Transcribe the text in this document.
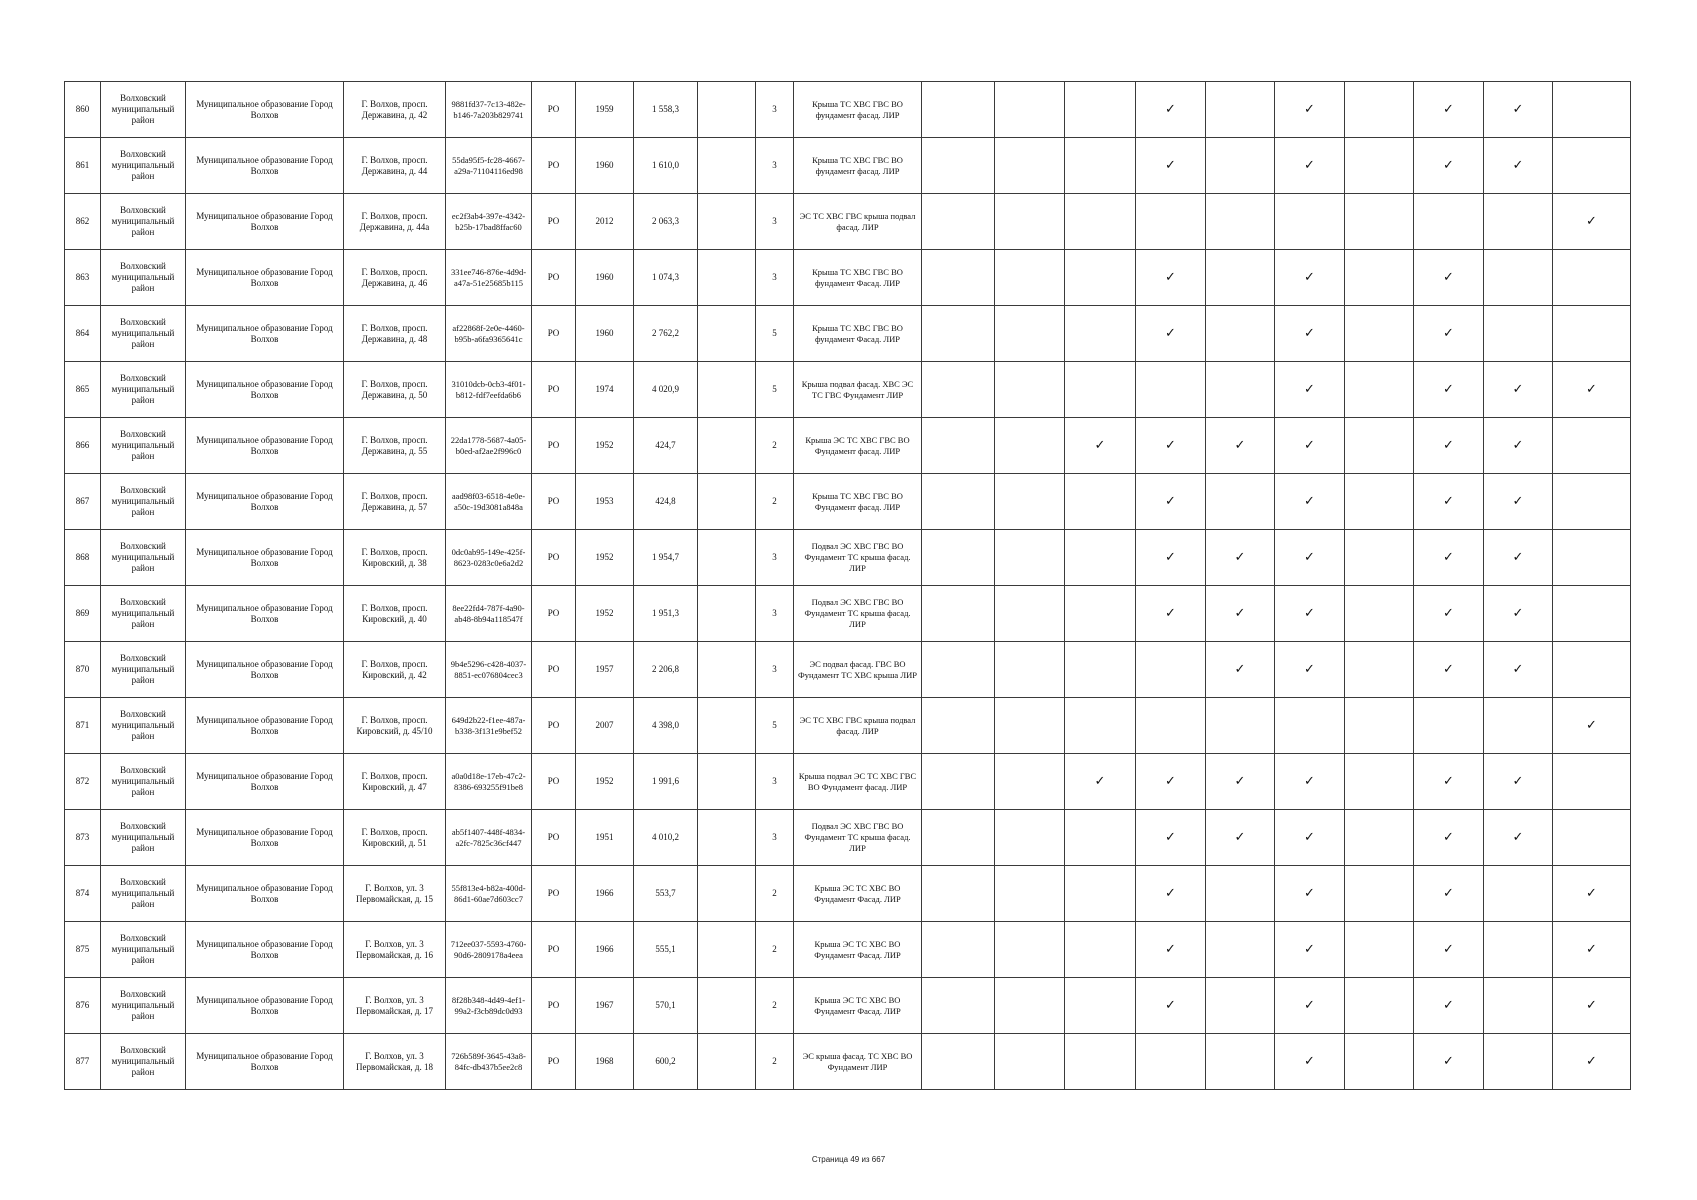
860	Волховский муниципальный район	Муниципальное образование Город Волхов	Г. Волхов, просп. Державина, д. 42	9881fd37-7c13-482e-b146-7a203b829741	РО	1959	1 558,3		3	Крыша ТС ХВС ГВС ВО фундамент фасад. ЛИР				✓		✓		✓	✓	
861	Волховский муниципальный район	Муниципальное образование Город Волхов	Г. Волхов, просп. Державина, д. 44	55da95f5-fc28-4667-a29a-71104116ed98	РО	1960	1 610,0		3	Крыша ТС ХВС ГВС ВО фундамент фасад. ЛИР				✓		✓		✓	✓	
862	Волховский муниципальный район	Муниципальное образование Город Волхов	Г. Волхов, просп. Державина, д. 44а	ec2f3ab4-397e-4342-b25b-17bad8ffac60	РО	2012	2 063,3		3	ЭС ТС ХВС ГВС крыша подвал фасад. ЛИР										✓
863	Волховский муниципальный район	Муниципальное образование Город Волхов	Г. Волхов, просп. Державина, д. 46	331ee746-876e-4d9d-a47a-51e25685b115	РО	1960	1 074,3		3	Крыша ТС ХВС ГВС ВО фундамент Фасад. ЛИР				✓		✓		✓		
864	Волховский муниципальный район	Муниципальное образование Город Волхов	Г. Волхов, просп. Державина, д. 48	af22868f-2e0e-4460-b95b-a6fa9365641c	РО	1960	2 762,2		5	Крыша ТС ХВС ГВС ВО фундамент Фасад. ЛИР				✓		✓		✓		
865	Волховский муниципальный район	Муниципальное образование Город Волхов	Г. Волхов, просп. Державина, д. 50	31010dcb-0cb3-4f01-b812-fdf7eefda6b6	РО	1974	4 020,9		5	Крыша подвал фасад. ХВС ЭС ТС ГВС Фундамент ЛИР						✓		✓	✓	✓
866	Волховский муниципальный район	Муниципальное образование Город Волхов	Г. Волхов, просп. Державина, д. 55	22da1778-5687-4a05-b0ed-af2ae2f996c0	РО	1952	424,7		2	Крыша ЭС ТС ХВС ГВС ВО Фундамент фасад. ЛИР			✓	✓	✓	✓		✓	✓	
867	Волховский муниципальный район	Муниципальное образование Город Волхов	Г. Волхов, просп. Державина, д. 57	aad98f03-6518-4e0e-a50c-19d3081a848a	РО	1953	424,8		2	Крыша ТС ХВС ГВС ВО Фундамент фасад. ЛИР				✓		✓		✓	✓	
868	Волховский муниципальный район	Муниципальное образование Город Волхов	Г. Волхов, просп. Кировский, д. 38	0dc0ab95-149e-425f-8623-0283c0e6a2d2	РО	1952	1 954,7		3	Подвал ЭС ХВС ГВС ВО Фундамент ТС крыша фасад. ЛИР				✓	✓	✓		✓	✓	
869	Волховский муниципальный район	Муниципальное образование Город Волхов	Г. Волхов, просп. Кировский, д. 40	8ee22fd4-787f-4a90-ab48-8b94a118547f	РО	1952	1 951,3		3	Подвал ЭС ХВС ГВС ВО Фундамент ТС крыша фасад. ЛИР				✓	✓	✓		✓	✓	
870	Волховский муниципальный район	Муниципальное образование Город Волхов	Г. Волхов, просп. Кировский, д. 42	9b4e5296-c428-4037-8851-ec076804cec3	РО	1957	2 206,8		3	ЭС подвал фасад. ГВС ВО Фундамент ТС ХВС крыша ЛИР					✓	✓		✓	✓	
871	Волховский муниципальный район	Муниципальное образование Город Волхов	Г. Волхов, просп. Кировский, д. 45/10	649d2b22-f1ee-487a-b338-3f131e9bef52	РО	2007	4 398,0		5	ЭС ТС ХВС ГВС крыша подвал фасад. ЛИР										✓
872	Волховский муниципальный район	Муниципальное образование Город Волхов	Г. Волхов, просп. Кировский, д. 47	a0a0d18e-17eb-47c2-8386-693255f91be8	РО	1952	1 991,6		3	Крыша подвал ЭС ТС ХВС ГВС ВО Фундамент фасад. ЛИР			✓	✓	✓	✓		✓	✓	
873	Волховский муниципальный район	Муниципальное образование Город Волхов	Г. Волхов, просп. Кировский, д. 51	ab5f1407-448f-4834-a2fc-7825c36cf447	РО	1951	4 010,2		3	Подвал ЭС ХВС ГВС ВО Фундамент ТС крыша фасад. ЛИР				✓	✓	✓		✓	✓	
874	Волховский муниципальный район	Муниципальное образование Город Волхов	Г. Волхов, ул. 3 Первомайская, д. 15	55f813e4-b82a-400d-86d1-60ae7d603cc7	РО	1966	553,7		2	Крыша ЭС ТС ХВС ВО Фундамент Фасад. ЛИР				✓		✓		✓		✓
875	Волховский муниципальный район	Муниципальное образование Город Волхов	Г. Волхов, ул. 3 Первомайская, д. 16	712ee037-5593-4760-90d6-2809178a4eea	РО	1966	555,1		2	Крыша ЭС ТС ХВС ВО Фундамент Фасад. ЛИР				✓		✓		✓		✓
876	Волховский муниципальный район	Муниципальное образование Город Волхов	Г. Волхов, ул. 3 Первомайская, д. 17	8f28b348-4d49-4ef1-99a2-f3cb89dc0d93	РО	1967	570,1		2	Крыша ЭС ТС ХВС ВО Фундамент Фасад. ЛИР				✓		✓		✓		✓
877	Волховский муниципальный район	Муниципальное образование Город Волхов	Г. Волхов, ул. 3 Первомайская, д. 18	726b589f-3645-43a8-84fc-db437b5ee2c8	РО	1968	600,2		2	ЭС крыша фасад. ТС ХВС ВО Фундамент ЛИР						✓		✓		✓
Страница 49 из 667
